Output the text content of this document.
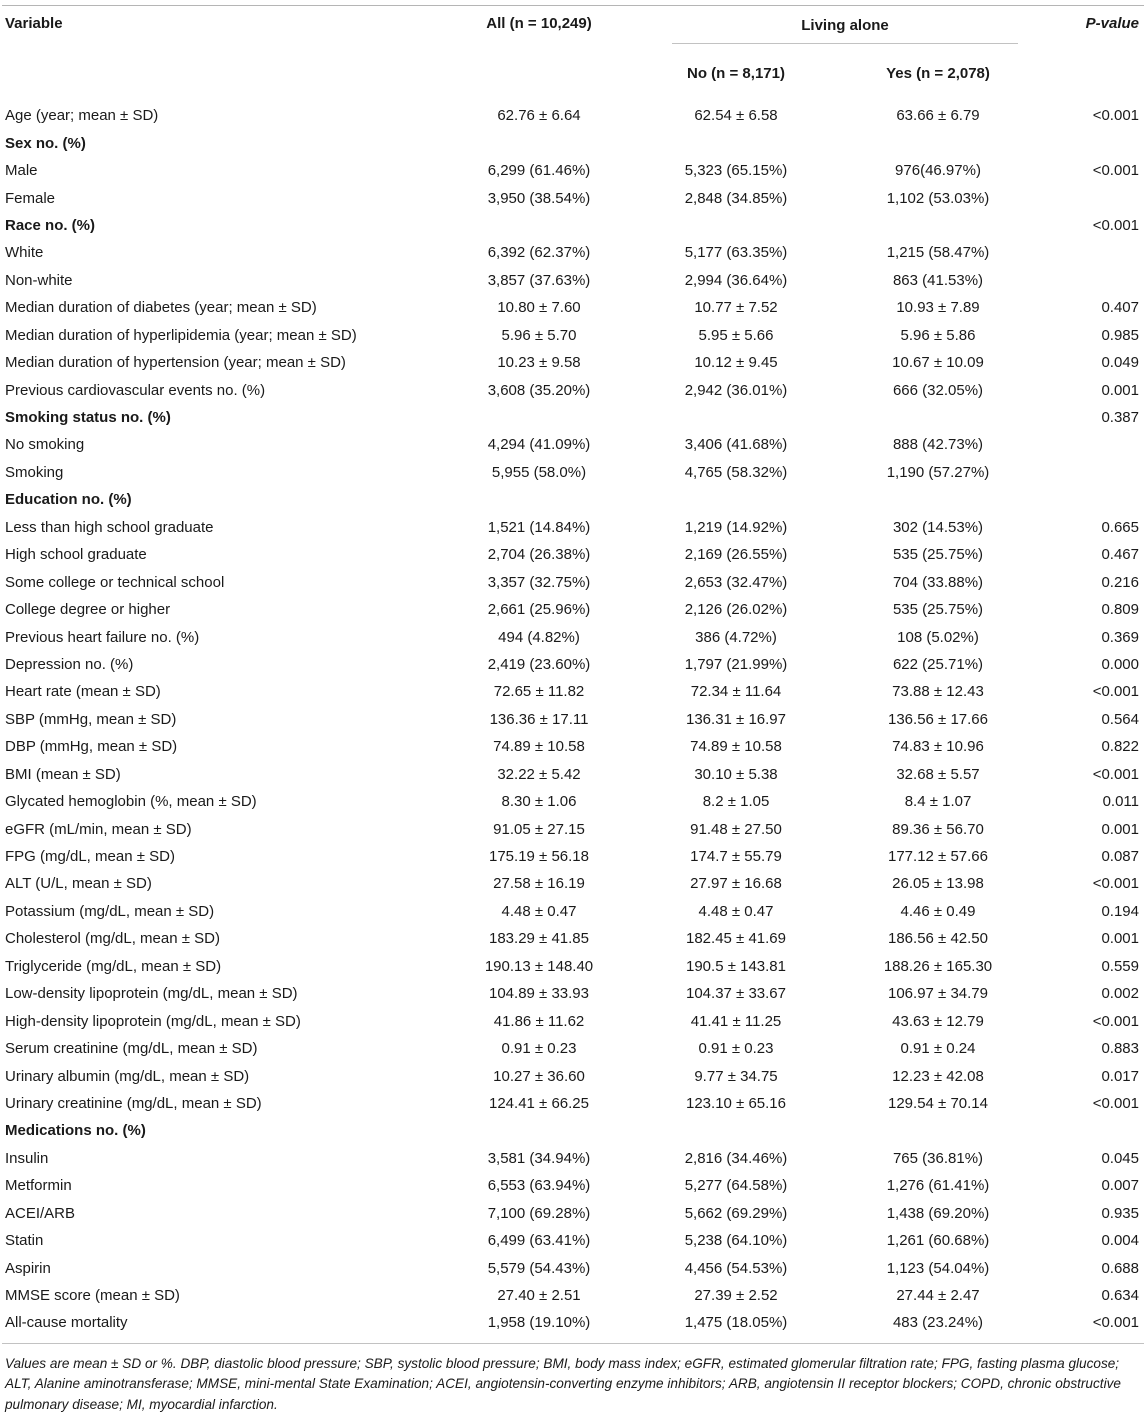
Variable	All (n = 10,249)	Living alone		P-value
		No (n = 8,171)	Yes (n = 2,078)	
Age (year; mean ± SD)	62.76 ± 6.64	62.54 ± 6.58	63.66 ± 6.79	<0.001
Sex no. (%)				
Male	6,299 (61.46%)	5,323 (65.15%)	976(46.97%)	<0.001
Female	3,950 (38.54%)	2,848 (34.85%)	1,102 (53.03%)	
Race no. (%)				<0.001
White	6,392 (62.37%)	5,177 (63.35%)	1,215 (58.47%)	
Non-white	3,857 (37.63%)	2,994 (36.64%)	863 (41.53%)	
Median duration of diabetes (year; mean ± SD)	10.80 ± 7.60	10.77 ± 7.52	10.93 ± 7.89	0.407
Median duration of hyperlipidemia (year; mean ± SD)	5.96 ± 5.70	5.95 ± 5.66	5.96 ± 5.86	0.985
Median duration of hypertension (year; mean ± SD)	10.23 ± 9.58	10.12 ± 9.45	10.67 ± 10.09	0.049
Previous cardiovascular events no. (%)	3,608 (35.20%)	2,942 (36.01%)	666 (32.05%)	0.001
Smoking status no. (%)				0.387
No smoking	4,294 (41.09%)	3,406 (41.68%)	888 (42.73%)	
Smoking	5,955 (58.0%)	4,765 (58.32%)	1,190 (57.27%)	
Education no. (%)				
Less than high school graduate	1,521 (14.84%)	1,219 (14.92%)	302 (14.53%)	0.665
High school graduate	2,704 (26.38%)	2,169 (26.55%)	535 (25.75%)	0.467
Some college or technical school	3,357 (32.75%)	2,653 (32.47%)	704 (33.88%)	0.216
College degree or higher	2,661 (25.96%)	2,126 (26.02%)	535 (25.75%)	0.809
Previous heart failure no. (%)	494 (4.82%)	386 (4.72%)	108 (5.02%)	0.369
Depression no. (%)	2,419 (23.60%)	1,797 (21.99%)	622 (25.71%)	0.000
Heart rate (mean ± SD)	72.65 ± 11.82	72.34 ± 11.64	73.88 ± 12.43	<0.001
SBP (mmHg, mean ± SD)	136.36 ± 17.11	136.31 ± 16.97	136.56 ± 17.66	0.564
DBP (mmHg, mean ± SD)	74.89 ± 10.58	74.89 ± 10.58	74.83 ± 10.96	0.822
BMI (mean ± SD)	32.22 ± 5.42	30.10 ± 5.38	32.68 ± 5.57	<0.001
Glycated hemoglobin (%, mean ± SD)	8.30 ± 1.06	8.2 ± 1.05	8.4 ± 1.07	0.011
eGFR (mL/min, mean ± SD)	91.05 ± 27.15	91.48 ± 27.50	89.36 ± 56.70	0.001
FPG (mg/dL, mean ± SD)	175.19 ± 56.18	174.7 ± 55.79	177.12 ± 57.66	0.087
ALT (U/L, mean ± SD)	27.58 ± 16.19	27.97 ± 16.68	26.05 ± 13.98	<0.001
Potassium (mg/dL, mean ± SD)	4.48 ± 0.47	4.48 ± 0.47	4.46 ± 0.49	0.194
Cholesterol (mg/dL, mean ± SD)	183.29 ± 41.85	182.45 ± 41.69	186.56 ± 42.50	0.001
Triglyceride (mg/dL, mean ± SD)	190.13 ± 148.40	190.5 ± 143.81	188.26 ± 165.30	0.559
Low-density lipoprotein (mg/dL, mean ± SD)	104.89 ± 33.93	104.37 ± 33.67	106.97 ± 34.79	0.002
High-density lipoprotein (mg/dL, mean ± SD)	41.86 ± 11.62	41.41 ± 11.25	43.63 ± 12.79	<0.001
Serum creatinine (mg/dL, mean ± SD)	0.91 ± 0.23	0.91 ± 0.23	0.91 ± 0.24	0.883
Urinary albumin (mg/dL, mean ± SD)	10.27 ± 36.60	9.77 ± 34.75	12.23 ± 42.08	0.017
Urinary creatinine (mg/dL, mean ± SD)	124.41 ± 66.25	123.10 ± 65.16	129.54 ± 70.14	<0.001
Medications no. (%)				
Insulin	3,581 (34.94%)	2,816 (34.46%)	765 (36.81%)	0.045
Metformin	6,553 (63.94%)	5,277 (64.58%)	1,276 (61.41%)	0.007
ACEI/ARB	7,100 (69.28%)	5,662 (69.29%)	1,438 (69.20%)	0.935
Statin	6,499 (63.41%)	5,238 (64.10%)	1,261 (60.68%)	0.004
Aspirin	5,579 (54.43%)	4,456 (54.53%)	1,123 (54.04%)	0.688
MMSE score (mean ± SD)	27.40 ± 2.51	27.39 ± 2.52	27.44 ± 2.47	0.634
All-cause mortality	1,958 (19.10%)	1,475 (18.05%)	483 (23.24%)	<0.001
Values are mean ± SD or %. DBP, diastolic blood pressure; SBP, systolic blood pressure; BMI, body mass index; eGFR, estimated glomerular filtration rate; FPG, fasting plasma glucose; ALT, Alanine aminotransferase; MMSE, mini-mental State Examination; ACEI, angiotensin-converting enzyme inhibitors; ARB, angiotensin II receptor blockers; COPD, chronic obstructive pulmonary disease; MI, myocardial infarction.
